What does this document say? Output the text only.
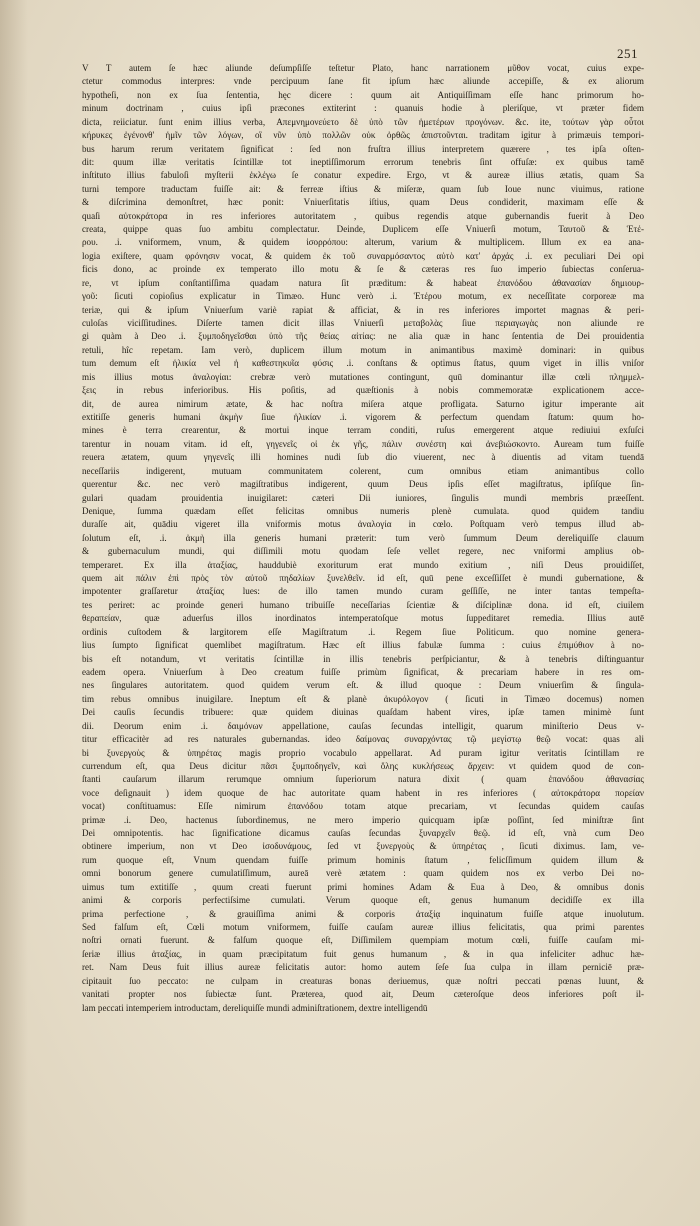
251
V T autem ſe hæc aliunde deſumpſiſſe teſtetur Plato, hanc narrationem μῦθον vocat, cuius expe-
ctetur commodus interpres: vnde percipuum ſane fit ipſum hæc aliunde accepiſſe, & ex aliorum
hypotheſi, non ex ſua ſententia, hęc dicere : quum ait Antiquiſſimam eſſe hanc primorum ho-
minum doctrinam , cuius ipſi præcones extiterint : quanuis hodie à pleriſque, vt præter fidem
dicta, reiiciatur. ſunt enim illius verba, Απεμνημονεύετο δὲ ὑπὸ τῶν ἡμετέρων προγόνων. &c. ite, τούτων γὰρ οὗτοι
κήρυκες ἐγένονθ' ἡμῖν τῶν λόγων, οἳ νῦν ὑπὸ πολλῶν οὐκ ὀρθῶς ἀπιστοῦνται. traditam igitur à primæuis tempori-
bus harum rerum veritatem ſignificat : ſed non fruſtra illius interpretem quærere , tes ipſa oſten-
dit: quum illæ veritatis ſcintillæ tot ineptiſſimorum errorum tenebris ſint offuſæ: ex quibus tamē
inſtituto illius fabuloſi myſterii ἐκλέγω ſe conatur expedire. Ergo, vt & aureæ illius ætatis, quam Sa
turni tempore traductam fuiſſe ait: & ferreæ iſtius & miſeræ, quam ſub Ioue nunc viuimus, ratione
& diſcrimina demonſtret, hæc ponit: Vniuerſitatis iſtius, quam Deus condiderit, maximam eſſe &
quaſi αὐτοκράτορα in res inferiores autoritatem , quibus regendis atque gubernandis fuerit à Deo
creata, quippe quas ſuo ambitu complectatur. Deinde, Duplicem eſſe Vniuerſi motum, Ταυτοῦ & Ἑτέ-
ρου. .i. vniformem, vnum, & quidem ἰσορρόπου: alterum, varium & multiplicem. Illum ex ea ana-
logia exiſtere, quam φρόνησιν vocat, & quidem ἐκ τοῦ συναρμόσαντος αὐτὸ κατ' ἀρχάς .i. ex peculiari Dei opi
ficis dono, ac proinde ex temperato illo motu & ſe & cæteras res ſuo imperio ſubiectas conſerua-
re, vt ipſum conſtantiſſima quadam natura ſit præditum: & habeat ἐπανόδου ἀθανασίαν δημιουρ-
γοῦ: ſicuti copioſius explicatur in Timæo. Hunc verò .i. Ἑτέρου motum, ex neceſſitate corporeæ ma
teriæ, qui & ipſum Vniuerſum variè rapiat & afficiat, & in res inferiores importet magnas & peri-
culoſas viciſſitudines. Diſerte tamen dicit illas Vniuerſi μεταβολὰς ſiue περιαγωγὰς non aliunde re
gi quàm à Deo .i. ξυμποδηγεῖσθαι ὑπὸ τῆς θείας αἰτίας: ne alia quæ in hanc ſententia de Dei prouidentia
retuli, hîc repetam. Iam verò, duplicem illum motum in animantibus maximè dominari: in quibus
tum demum eſt ἡλικία vel ἡ καθεστηκυῖα φύσις .i. conſtans & optimus ſtatus, quum viget in illis vniſor
mis illius motus ἀναλογίαι: crebræ verò mutationes contingunt, quū dominantur illæ cœli πλημμελ-
ξεις in rebus inferioribus. His poſitis, ad quæſtionis à nobis commemoratæ explicationem acce-
dit, de aurea nimirum ætate, & hac noſtra miſera atque profligata. Saturno igitur imperante ait
extitiſſe generis humani ἀκμὴν ſiue ἡλικίαν .i. vigorem & perfectum quendam ſtatum: quum ho-
mines è terra crearentur, & mortui inque terram conditi, ruſus emergerent atque rediuiui exſuſci
tarentur in nouam vitam. id eſt, γηγενεῖς οἱ ἐκ γῆς, πάλιν συνέστη καὶ ἀνεβιώσκοντο. Auream tum fuiſſe
reuera ætatem, quum γηγενεῖς illi homines nudi ſub dio viuerent, nec à diuentis ad vitam tuendā
neceſſariis indigerent, mutuam communitatem colerent, cum omnibus etiam animantibus collo
querentur &c. nec verò magiſtratibus indigerent, quum Deus ipſis eſſet magiſtratus, ipſiſque ſin-
gulari quadam prouidentia inuigilaret: cæteri Dii iuniores, ſingulis mundi membris præeſſent.
Denique, ſumma quædam eſſet felicitas omnibus numeris plenè cumulata. quod quidem tandiu
duraſſe ait, quādiu vigeret illa vniformis motus ἀναλογία in cœlo. Poſtquam verò tempus illud ab-
ſolutum eſt, .i. ἀκμὴ illa generis humani præterit: tum verò ſummum Deum dereliquiſſe clauum
& gubernaculum mundi, qui diſſimili motu quodam ſeſe vellet regere, nec vniformi amplius ob-
temperaret. Ex illa ἀταξίας, hauddubiè exoriturum erat mundo exitium , niſi Deus prouidiſſet,
quem ait πάλιν ἐπὶ πρὸς τὸν αὐτοῦ πηδαλίων ξυνελθεῖν. id eſt, quū pene exceſſiſſet è mundi gubernatione, &
impotenter graſſaretur ἀταξίας lues: de illo tamen mundo curam geſſiſſe, ne inter tantas tempeſta-
tes periret: ac proinde generi humano tribuiſſe neceſſarias ſcientiæ & diſciplinæ dona. id eſt, ciuilem
θεραπείαν, quæ aduerſus illos inordinatos intemperatoſque motus ſuppeditaret remedia. Illius autē
ordinis cuſtodem & largitorem eſſe Magiſtratum .i. Regem ſiue Politicum. quo nomine genera-
lius ſumpto ſignificat quemlibet magiſtratum. Hæc eſt illius fabulæ ſumma : cuius ἐπιμύθιον à no-
bis eſt notandum, vt veritatis ſcintillæ in illis tenebris perſpiciantur, & à tenebris diſtinguantur
eadem opera. Vniuerſum à Deo creatum fuiſſe primùm ſignificat, & precariam habere in res om-
nes ſingulares autoritatem. quod quidem verum eſt. & illud quoque : Deum vniuerſim & ſingula-
tim rebus omnibus inuigilare. Ineptum eſt & planè ἀκυρόλογον ( ſicuti in Timæo docemus) nomen
Dei cauſis ſecundis tribuere: quæ quidem diuinas quaſdam habent vires, ipſæ tamen minimè ſunt
dii. Deorum enim .i. δαιμόνων appellatione, cauſas ſecundas intelligit, quarum miniſterio Deus v-
titur efficacitèr ad res naturales gubernandas. ideo δαίμονας συναρχόντας τῷ μεγίστῳ θεῷ vocat: quas ali
bi ξυνεργοὺς & ὑπηρέτας magis proprio vocabulo appellarat. Ad puram igitur veritatis ſcintillam re
currendum eſt, qua Deus dicitur πᾶσι ξυμποδηγεῖν, καὶ ὅλης κυκλήσεως ἄρχειν: vt quidem quod de con-
ſtanti cauſarum illarum rerumque omnium ſuperiorum natura dixit ( quam ἐπανόδου ἀθανασίας
voce deſignauit ) idem quoque de hac autoritate quam habent in res inferiores ( αὐτοκράτορα πορείαν
vocat) conſtituamus: Eſſe nimirum ἐπανόδου totam atque precariam, vt ſecundas quidem cauſas
primæ .i. Deo, hactenus ſubordinemus, ne mero imperio quicquam ipſæ poſſint, ſed miniſtræ ſint
Dei omnipotentis. hac ſignificatione dicamus cauſas ſecundas ξυναρχεῖν θεῷ. id eſt, vnà cum Deo
obtinere imperium, non vt Deo ἰσοδυνάμους, ſed vt ξυνεργοὺς & ὑπηρέτας , ſicuti diximus. Iam, ve-
rum quoque eſt, Vnum quendam fuiſſe primum hominis ſtatum , felicſſimum quidem illum &
omni bonorum genere cumulatiſſimum, aureā verè ætatem : quam quidem nos ex verbo Dei no-
uimus tum extitiſſe , quum creati fuerunt primi homines Adam & Eua à Deo, & omnibus donis
animi & corporis perfectiſsime cumulati. Verum quoque eſt, genus humanum decidiſſe ex illa
prima perfectione , & grauiſſima animi & corporis ἀταξίᾳ inquinatum fuiſſe atque inuolutum.
Sed falſum eſt, Cœli motum vniformem, fuiſſe cauſam aureæ illius felicitatis, qua primi parentes
noſtri ornati fuerunt. & falſum quoque eſt, Diſſimilem quempiam motum cœli, fuiſſe cauſam mi-
ſeriæ illius ἀταξίας, in quam præcipitatum fuit genus humanum , & in qua infeliciter adhuc hæ-
ret. Nam Deus fuit illius aureæ felicitatis autor: homo autem ſeſe ſua culpa in illam perniciē præ-
cipitauit ſuo peccato: ne culpam in creaturas bonas deriuemus, quæ noſtri peccati pœnas luunt, &
vanitati propter nos ſubiectæ ſunt. Præterea, quod ait, Deum cæteroſque deos inferiores poſt il-
lam peccati intemperiem introductam, dereliquiſſe mundi adminiſtrationem, dextre intelligendū
